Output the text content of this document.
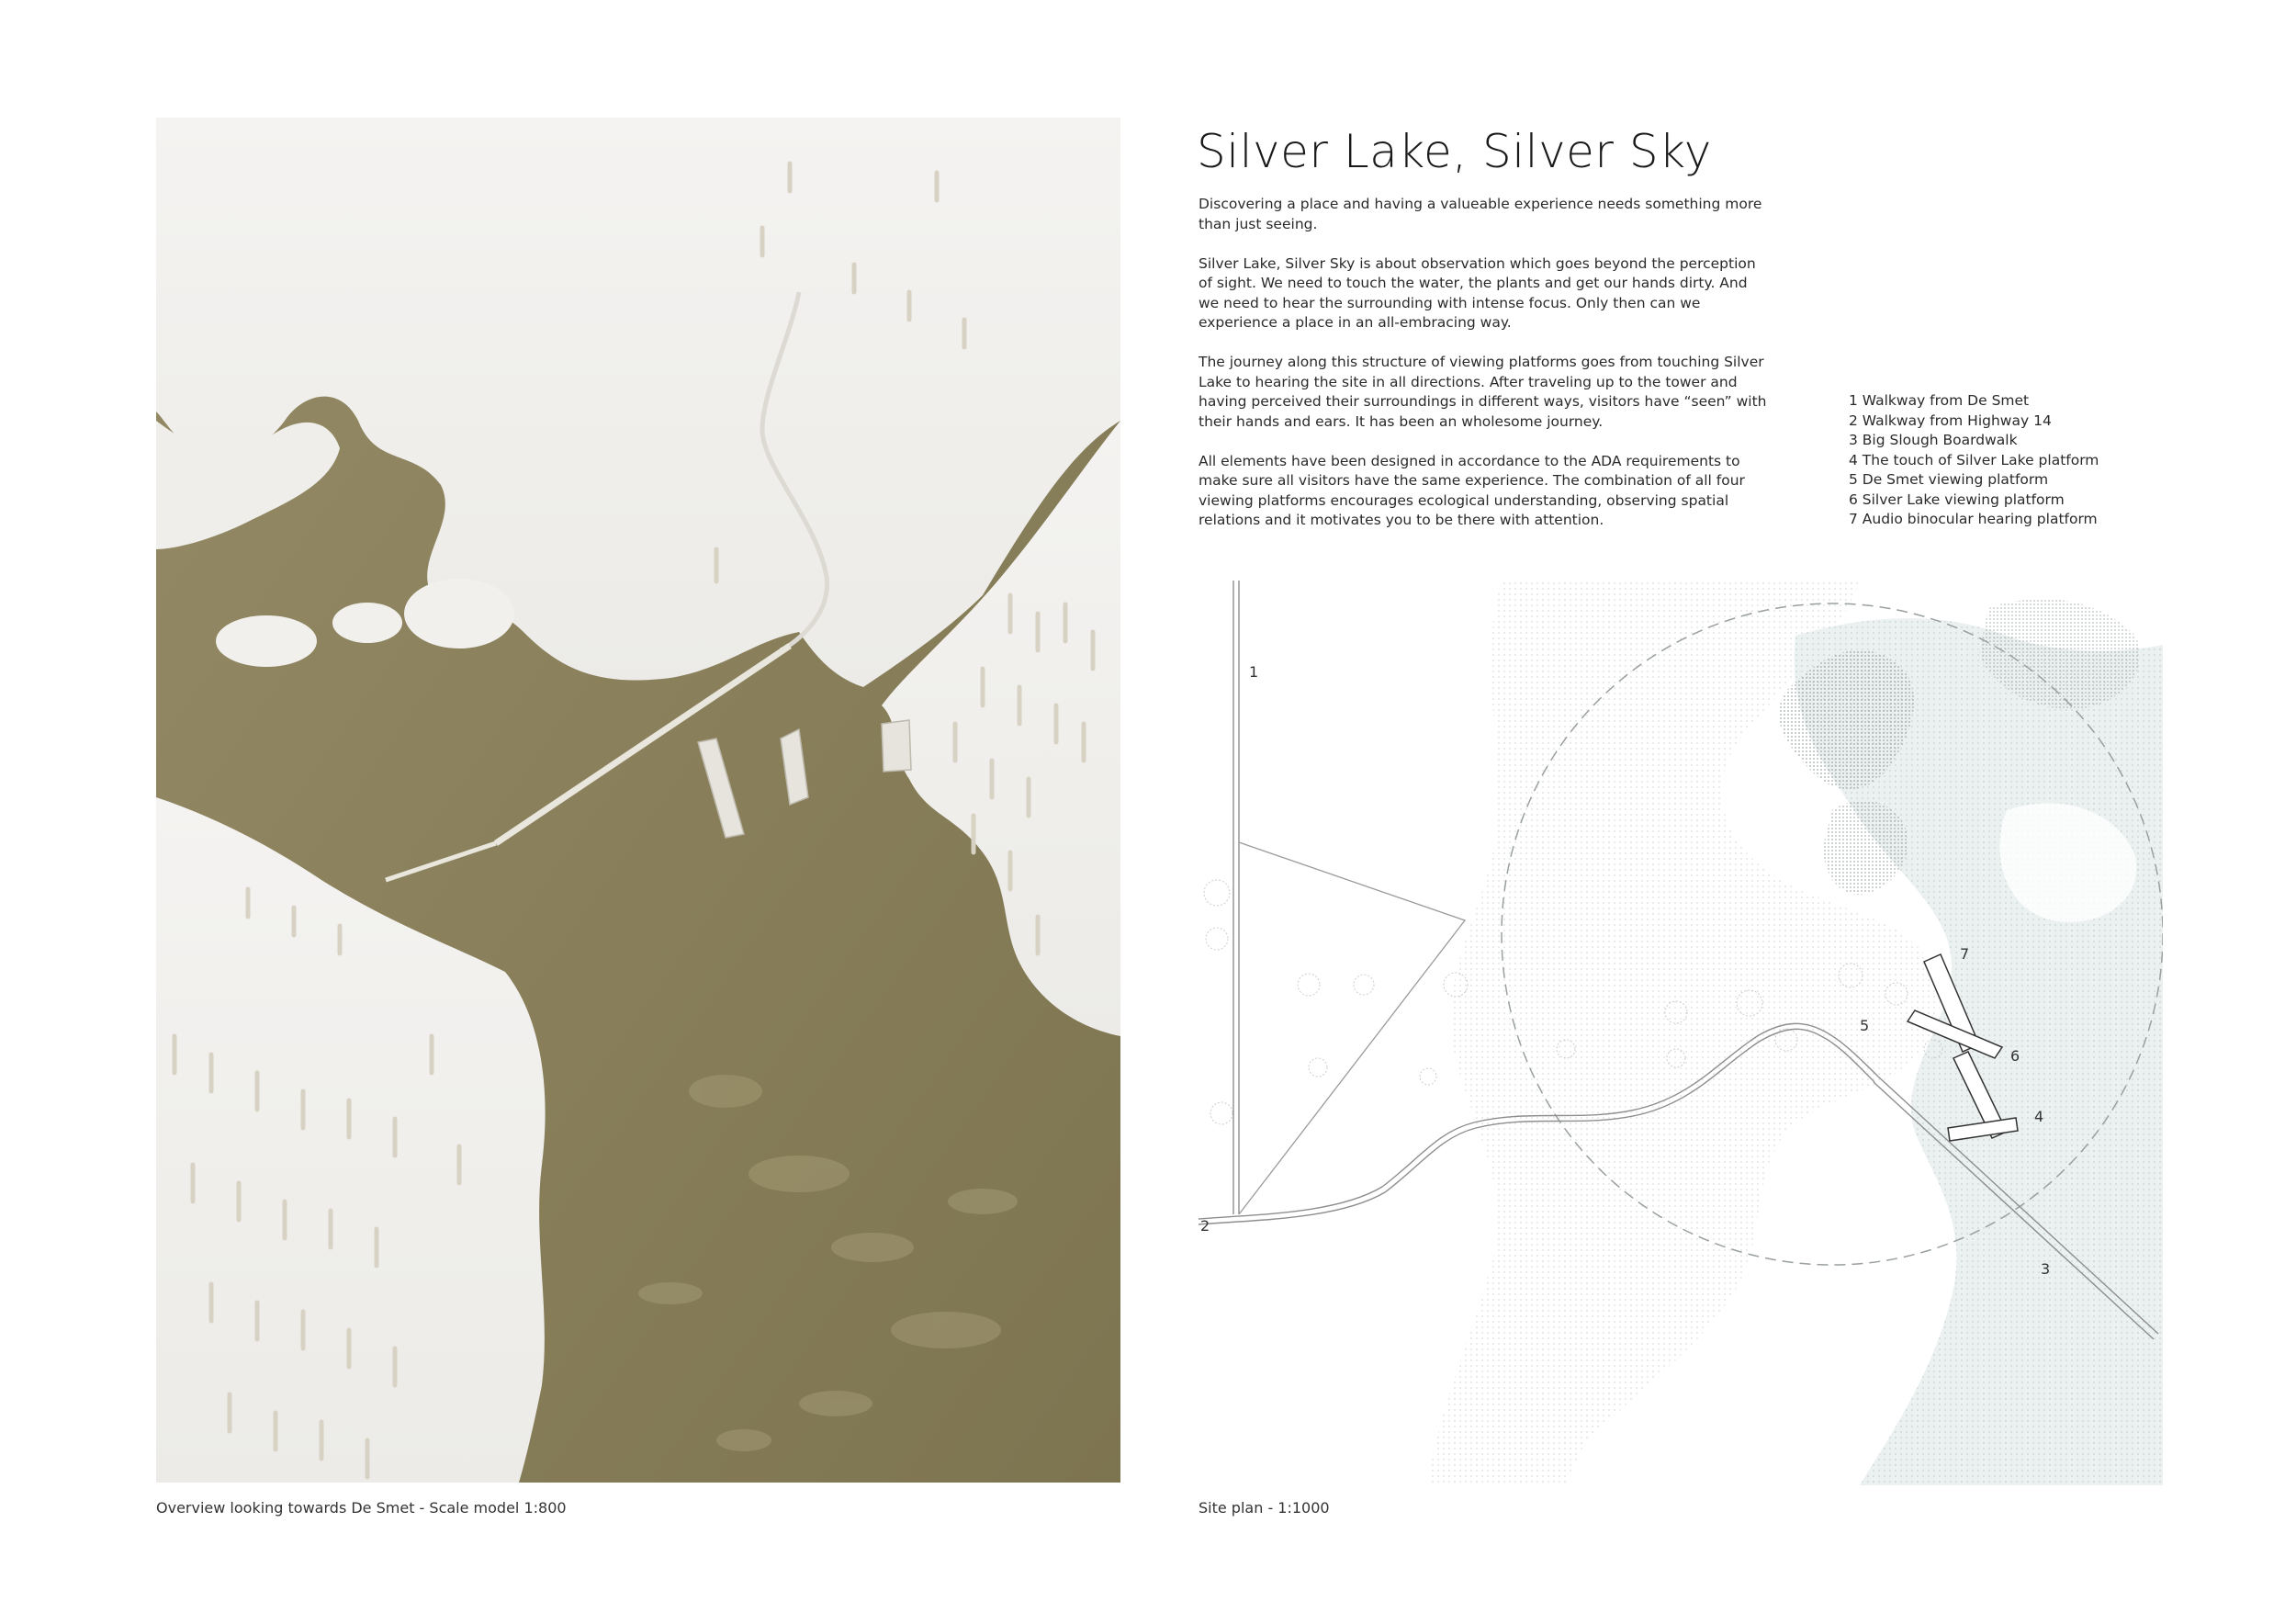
Overview looking towards De Smet - Scale model 1:800
Silver Lake, Silver Sky

Discovering a place and having a valueable experience needs something more than just seeing.

Silver Lake, Silver Sky is about observation which goes beyond the perception of sight. We need to touch the water, the plants and get our hands dirty. And we need to hear the surrounding with intense focus. Only then can we experience a place in an all-embracing way.

The journey along this structure of viewing platforms goes from touching Silver Lake to hearing the site in all directions. After traveling up to the tower and having perceived their surroundings in different ways, visitors have “seen” with their hands and ears. It has been an wholesome journey.

All elements have been designed in accordance to the ADA requirements to make sure all visitors have the same experience. The combination of all four viewing platforms encourages ecological understanding, observing spatial relations and it motivates you to be there with attention.

1 Walkway from De Smet
2 Walkway from Highway 14
3 Big Slough Boardwalk
4 The touch of Silver Lake platform
5 De Smet viewing platform
6 Silver Lake viewing platform
7 Audio binocular hearing platform
1
2
3
4
5
6
7
Site plan - 1:1000
